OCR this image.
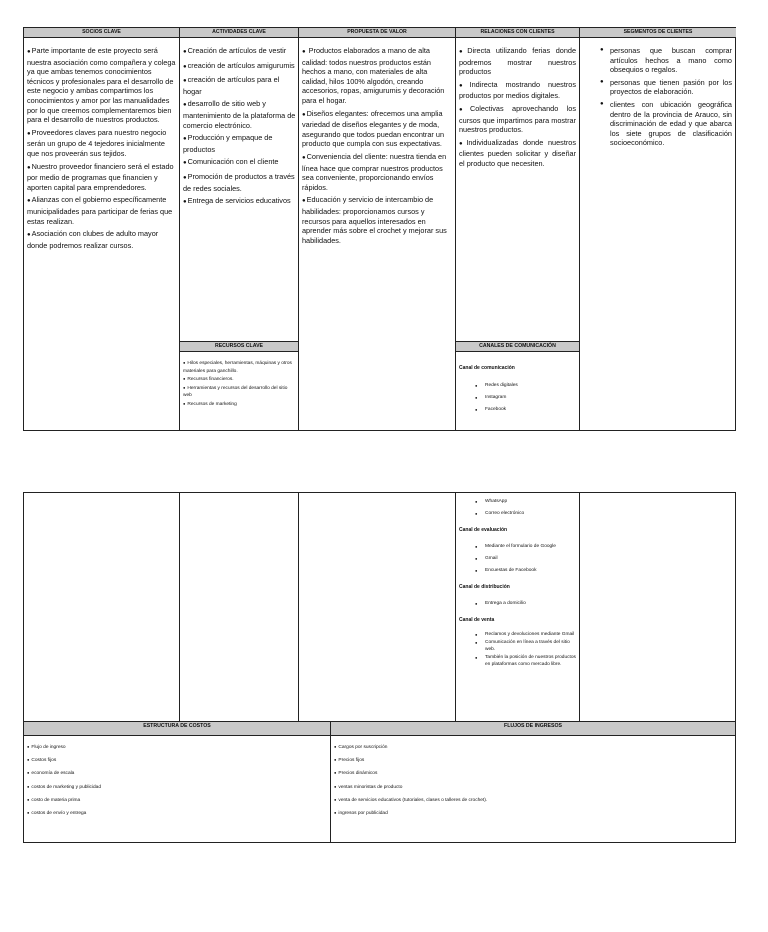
SOCIOS CLAVE
● Parte importante de este proyecto será nuestra asociación como compañera y colega ya que ambas tenemos conocimientos técnicos y profesionales para el desarrollo de este negocio y ambas compartimos los conocimientos y amor por las manualidades por lo que creemos complementaremos bien para el desarrollo de nuestros productos.
● Proveedores claves para nuestro negocio serán un grupo de 4 tejedores inicialmente que nos proveerán sus tejidos.
● Nuestro proveedor financiero será el estado por medio de programas que financien y aporten capital para emprendedores.
● Alianzas con el gobierno específicamente municipalidades para participar de ferias que estas realizan.
● Asociación con clubes de adulto mayor donde podremos realizar cursos.
ACTIVIDADES CLAVE
● Creación de artículos de vestir
● creación de artículos amigurumis
● creación de artículos para el hogar
● desarrollo de sitio web y mantenimiento de la plataforma de comercio electrónico.
● Producción y empaque de productos
● Comunicación con el cliente
● Promoción de productos a través de redes sociales.
● Entrega de servicios educativos
RECURSOS CLAVE
● Hilos especiales, herramientas, máquinas y otros materiales para ganchillo.
● Recursos financieros.
● Herramientas y recursos del desarrollo del sitio web
● Recursos de marketing
PROPUESTA DE VALOR
● Productos elaborados a mano de alta calidad: todos nuestros productos están hechos a mano, con materiales de alta calidad, hilos 100% algodón, creando accesorios, ropas, amigurumis y decoración para el hogar.
● Diseños elegantes: ofrecemos una amplia variedad de diseños elegantes y de moda, asegurando que todos puedan encontrar un producto que cumpla con sus expectativas.
● Conveniencia del cliente: nuestra tienda en línea hace que comprar nuestros productos sea conveniente, proporcionando envíos rápidos.
● Educación y servicio de intercambio de habilidades: proporcionamos cursos y recursos para aquellos interesados en aprender más sobre el crochet y mejorar sus habilidades.
RELACIONES CON CLIENTES
● Directa utilizando ferias donde podremos mostrar nuestros productos
● Indirecta mostrando nuestros productos por medios digitales.
● Colectivas aprovechando los cursos que impartimos para mostrar nuestros productos.
● Individualizadas donde nuestros clientes pueden solicitar y diseñar el producto que necesiten.
CANALES DE COMUNICACIÓN
Canal de comunicación
● Redes digitales
● Instagram
● Facebook
SEGMENTOS DE CLIENTES
● personas que buscan comprar artículos hechos a mano como obsequios o regalos.
● personas que tienen pasión por los proyectos de elaboración.
● clientes con ubicación geográfica dentro de la provincia de Arauco, sin discriminación de edad y que abarca los siete grupos de clasificación socioeconómico.
● WhatsApp
● Correo electrónico
Canal de evaluación
● Mediante el formulario de Google
● Gmail
● Encuestas de Facebook
Canal de distribución
● Entrega a domicilio
Canal de venta
● Reclamos y devoluciones mediante Gmail
● Comunicación en línea a través del sitio web.
● También la posición de nuestros productos en plataformas como mercado libre.
ESTRUCTURA DE COSTOS
● Flujo de ingreso
● Costos fijos
● economía de escala
● costos de marketing y publicidad
● costo de materia prima
● costos de envío y entrega
FLUJOS DE INGRESOS
● Cargos por suscripción
● Precios fijos
● Precios dinámicos
● ventas minoristas de producto
● venta de servicios educativos (tutoriales, clases o talleres de crochet).
● ingresos por publicidad
